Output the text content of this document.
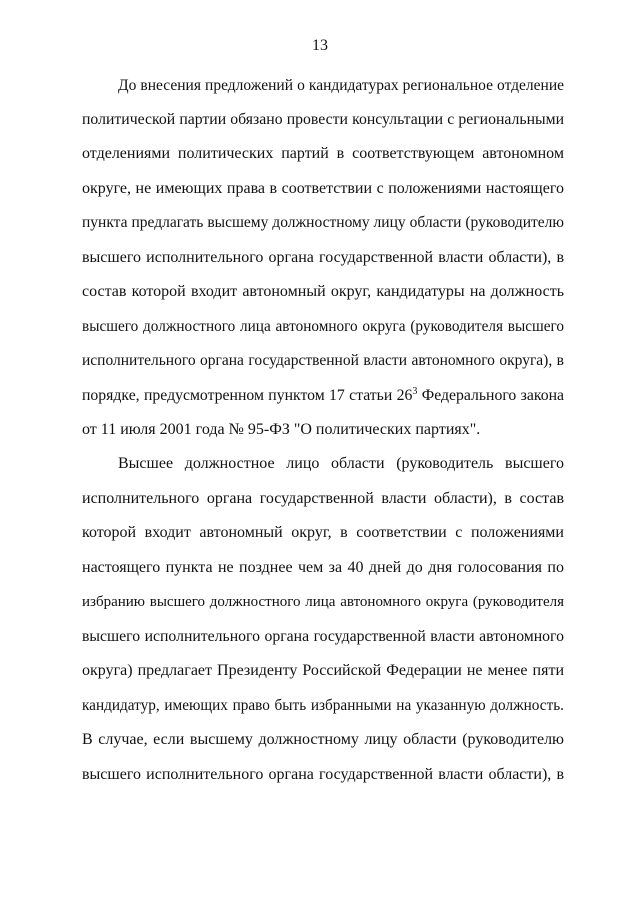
13
До внесения предложений о кандидатурах региональное отделение
политической партии обязано провести консультации с региональными
отделениями политических партий в соответствующем автономном
округе, не имеющих права в соответствии с положениями настоящего
пункта предлагать высшему должностному лицу области (руководителю
высшего исполнительного органа государственной власти области), в
состав которой входит автономный округ, кандидатуры на должность
высшего должностного лица автономного округа (руководителя высшего
исполнительного органа государственной власти автономного округа), в
порядке, предусмотренном пунктом 17 статьи $26^3$ Федерального закона
от 11 июля 2001 года № 95-ФЗ "О политических партиях".
Высшее должностное лицо области (руководитель высшего
исполнительного органа государственной власти области), в состав
которой входит автономный округ, в соответствии с положениями
настоящего пункта не позднее чем за 40 дней до дня голосования по
избранию высшего должностного лица автономного округа (руководителя
высшего исполнительного органа государственной власти автономного
округа) предлагает Президенту Российской Федерации не менее пяти
кандидатур, имеющих право быть избранными на указанную должность.
В случае, если высшему должностному лицу области (руководителю
высшего исполнительного органа государственной власти области), в
